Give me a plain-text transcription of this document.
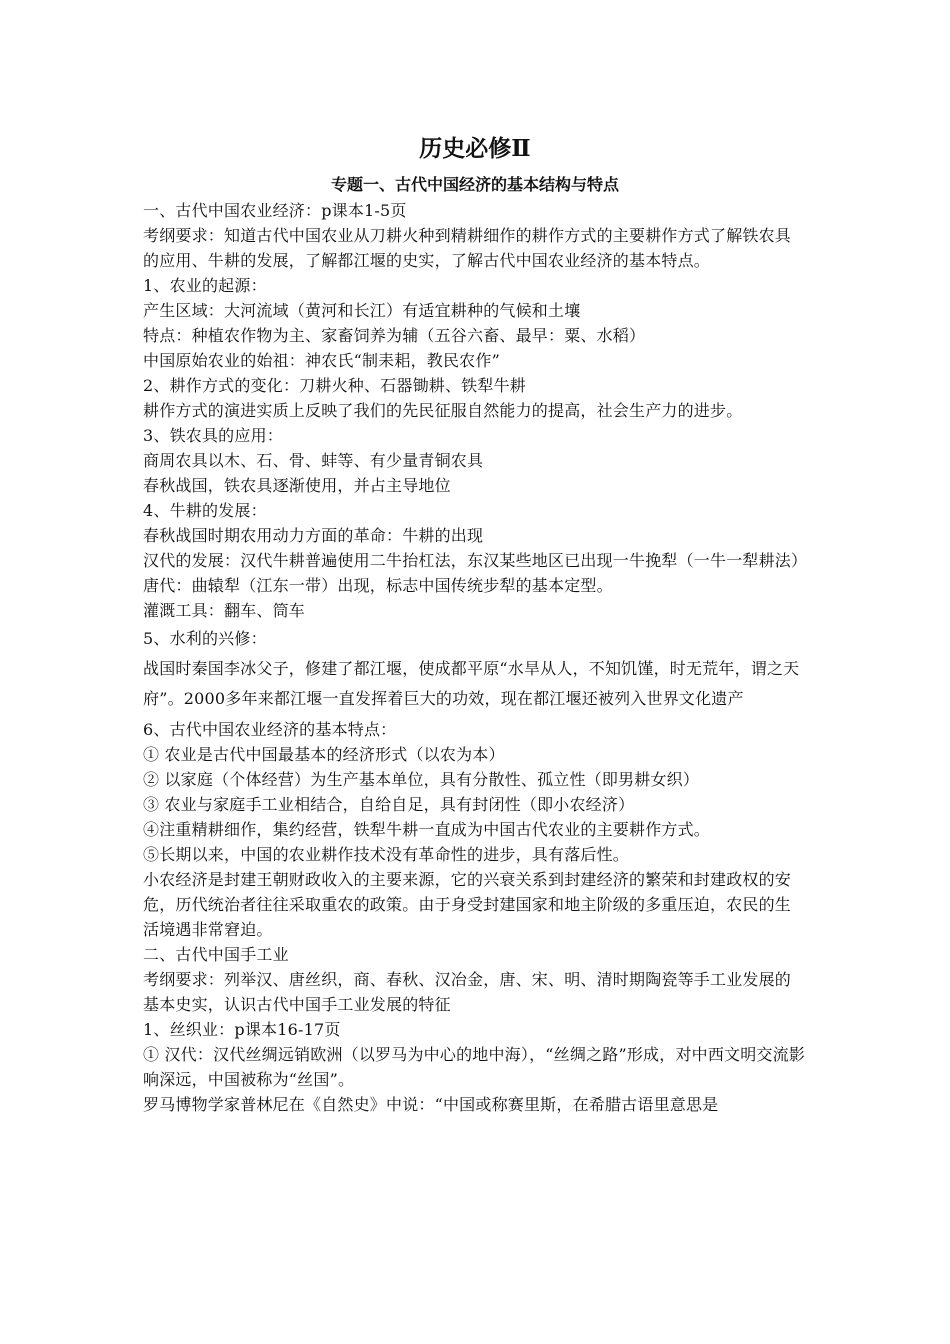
历史必修Ⅱ
专题一、古代中国经济的基本结构与特点

一、古代中国农业经济：p课本1-5页

考纲要求：知道古代中国农业从刀耕火种到精耕细作的耕作方式的主要耕作方式了解铁农具的应用、牛耕的发展，了解都江堰的史实，了解古代中国农业经济的基本特点。

1、农业的起源：

产生区域：大河流域（黄河和长江）有适宜耕种的气候和土壤

特点：种植农作物为主、家畜饲养为辅（五谷六畜、最早：粟、水稻）

中国原始农业的始祖：神农氏“制耒耜，教民农作”

2、耕作方式的变化：刀耕火种、石器锄耕、铁犁牛耕

耕作方式的演进实质上反映了我们的先民征服自然能力的提高，社会生产力的进步。

3、铁农具的应用：

商周农具以木、石、骨、蚌等、有少量青铜农具

春秋战国，铁农具逐渐使用，并占主导地位

4、牛耕的发展：

春秋战国时期农用动力方面的革命：牛耕的出现

汉代的发展：汉代牛耕普遍使用二牛抬杠法，东汉某些地区已出现一牛挽犁（一牛一犁耕法）

唐代：曲辕犁（江东一带）出现，标志中国传统步犁的基本定型。

灌溉工具：翻车、筒车

5、水利的兴修：

战国时秦国李冰父子，修建了都江堰，使成都平原“水旱从人，不知饥馑，时无荒年，谓之天府”。2000多年来都江堰一直发挥着巨大的功效，现在都江堰还被列入世界文化遗产

6、古代中国农业经济的基本特点：

① 农业是古代中国最基本的经济形式（以农为本）

② 以家庭（个体经营）为生产基本单位，具有分散性、孤立性（即男耕女织）

③ 农业与家庭手工业相结合，自给自足，具有封闭性（即小农经济）

④注重精耕细作，集约经营，铁犁牛耕一直成为中国古代农业的主要耕作方式。

⑤长期以来，中国的农业耕作技术没有革命性的进步，具有落后性。

小农经济是封建王朝财政收入的主要来源，它的兴衰关系到封建经济的繁荣和封建政权的安危，历代统治者往往采取重农的政策。由于身受封建国家和地主阶级的多重压迫，农民的生活境遇非常窘迫。

二、古代中国手工业

考纲要求：列举汉、唐丝织，商、春秋、汉冶金，唐、宋、明、清时期陶瓷等手工业发展的基本史实，认识古代中国手工业发展的特征

1、丝织业：p课本16-17页

① 汉代：汉代丝绸远销欧洲（以罗马为中心的地中海），“丝绸之路”形成，对中西文明交流影响深远，中国被称为“丝国”。

罗马博物学家普林尼在《自然史》中说：“中国或称赛里斯，在希腊古语里意思是
